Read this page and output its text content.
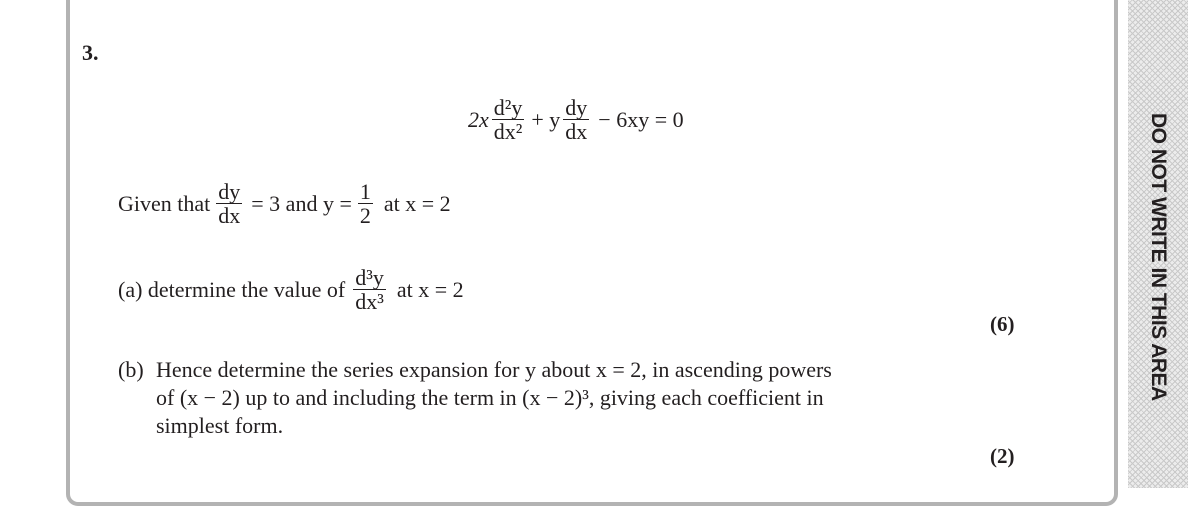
3.
$2x \frac{\text{d²y}}{\text{dx²}} + y \frac{dy}{dx} - 6xy = 0$
Given that $\frac{dy}{dx} = 3$ and $y = \frac{1}{2}$ at x = 2
(a) determine the value of $\frac{\text{d³y}}{\text{dx³}}$ at x = 2
(6)
(b) Hence determine the series expansion for y about x = 2, in ascending powers
of (x − 2) up to and including the term in (x − 2)³, giving each coefficient in
simplest form.
(2)
DO NOT WRITE IN THIS AREA
